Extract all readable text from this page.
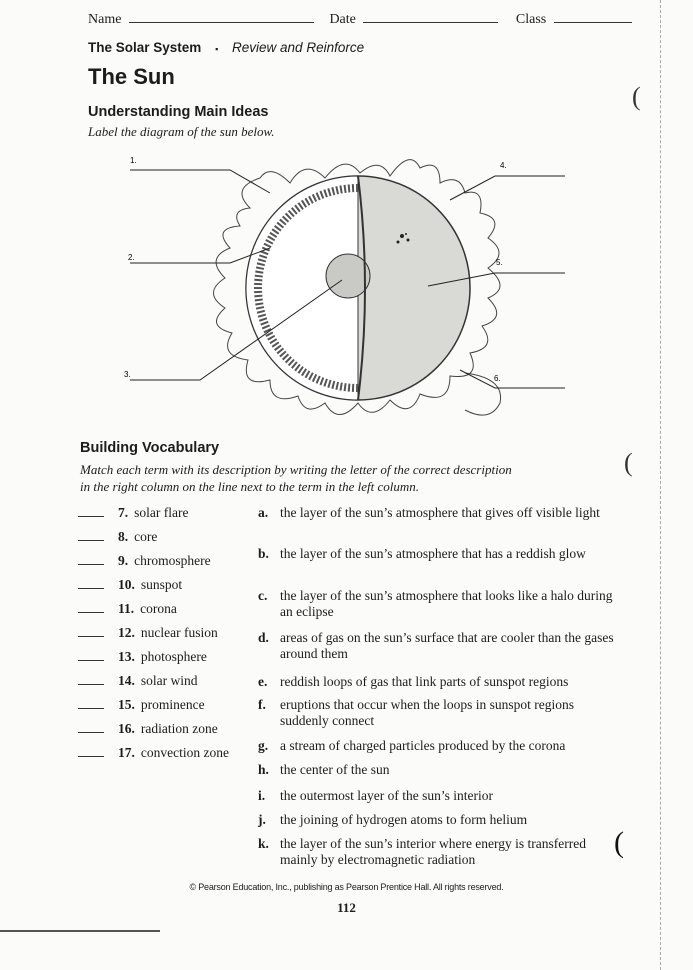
Name	Date	Class
The Solar System ▪ Review and Reinforce
The Sun
Understanding Main Ideas
Label the diagram of the sun below.
1.
2.
3.
4.
5.
6.
Building Vocabulary
Match each term with its description by writing the letter of the correct description
in the right column on the line next to the term in the left column.
7. solar flare
8. core
9. chromosphere
10. sunspot
11. corona
12. nuclear fusion
13. photosphere
14. solar wind
15. prominence
16. radiation zone
17. convection zone
a. the layer of the sun’s atmosphere that gives off visible light
b. the layer of the sun’s atmosphere that has a reddish glow
c. the layer of the sun’s atmosphere that looks like a halo during an eclipse
d. areas of gas on the sun’s surface that are cooler than the gases around them
e. reddish loops of gas that link parts of sunspot regions
f. eruptions that occur when the loops in sunspot regions suddenly connect
g. a stream of charged particles produced by the corona
h. the center of the sun
i. the outermost layer of the sun’s interior
j. the joining of hydrogen atoms to form helium
k. the layer of the sun’s interior where energy is transferred mainly by electromagnetic radiation
© Pearson Education, Inc., publishing as Pearson Prentice Hall. All rights reserved.
112
(
(
(
